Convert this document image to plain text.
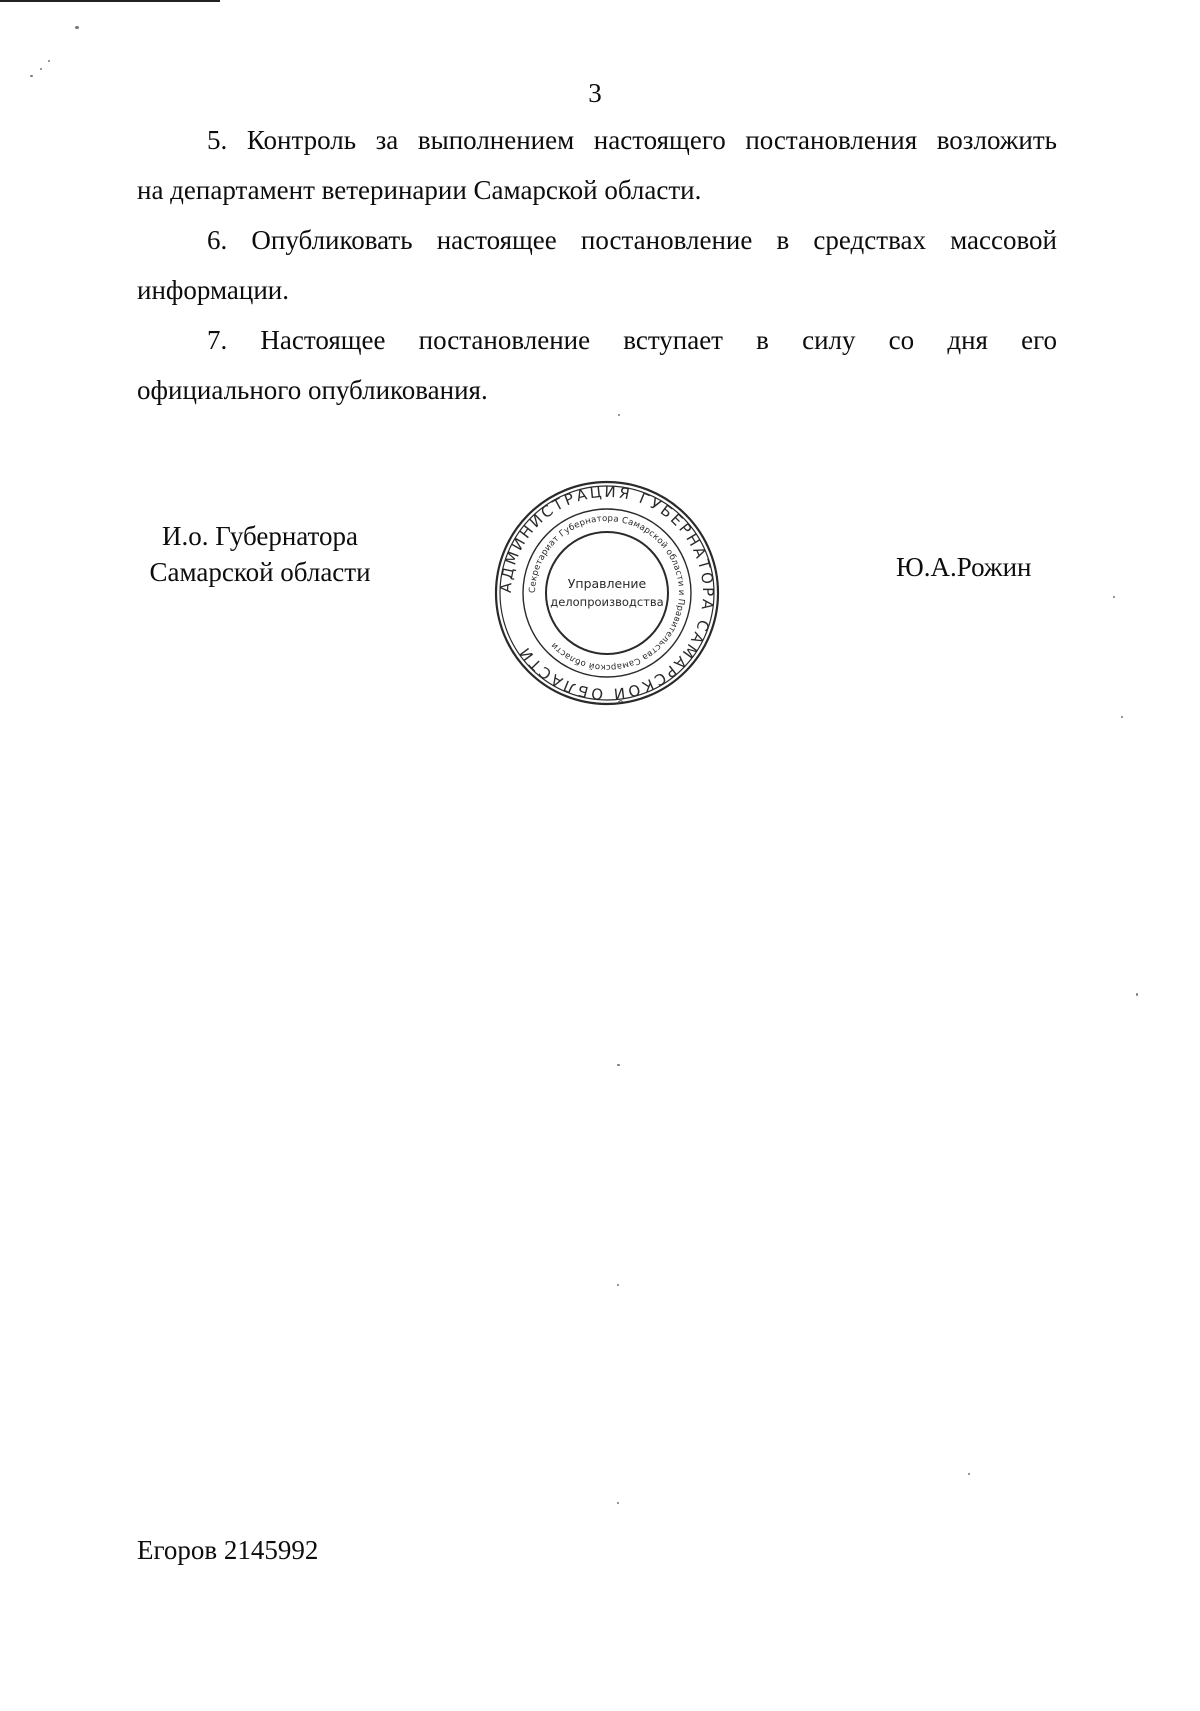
3

5. Контроль за выполнением настоящего постановления возложить

на департамент ветеринарии Самарской области.

6. Опубликовать настоящее постановление в средствах массовой

информации.

7. Настоящее постановление вступает в силу со дня его

официального опубликования.

И.о. Губернатора
Самарской области	АДМИНИСТРАЦИЯ ГУБЕРНАТОРА САМАРСКОЙ ОБЛАСТИ
Секретариат Губернатора Самарской области и Правительства Самарской области
Управление
делопроизводства
Ю.А.Рожин
Егоров 2145992
